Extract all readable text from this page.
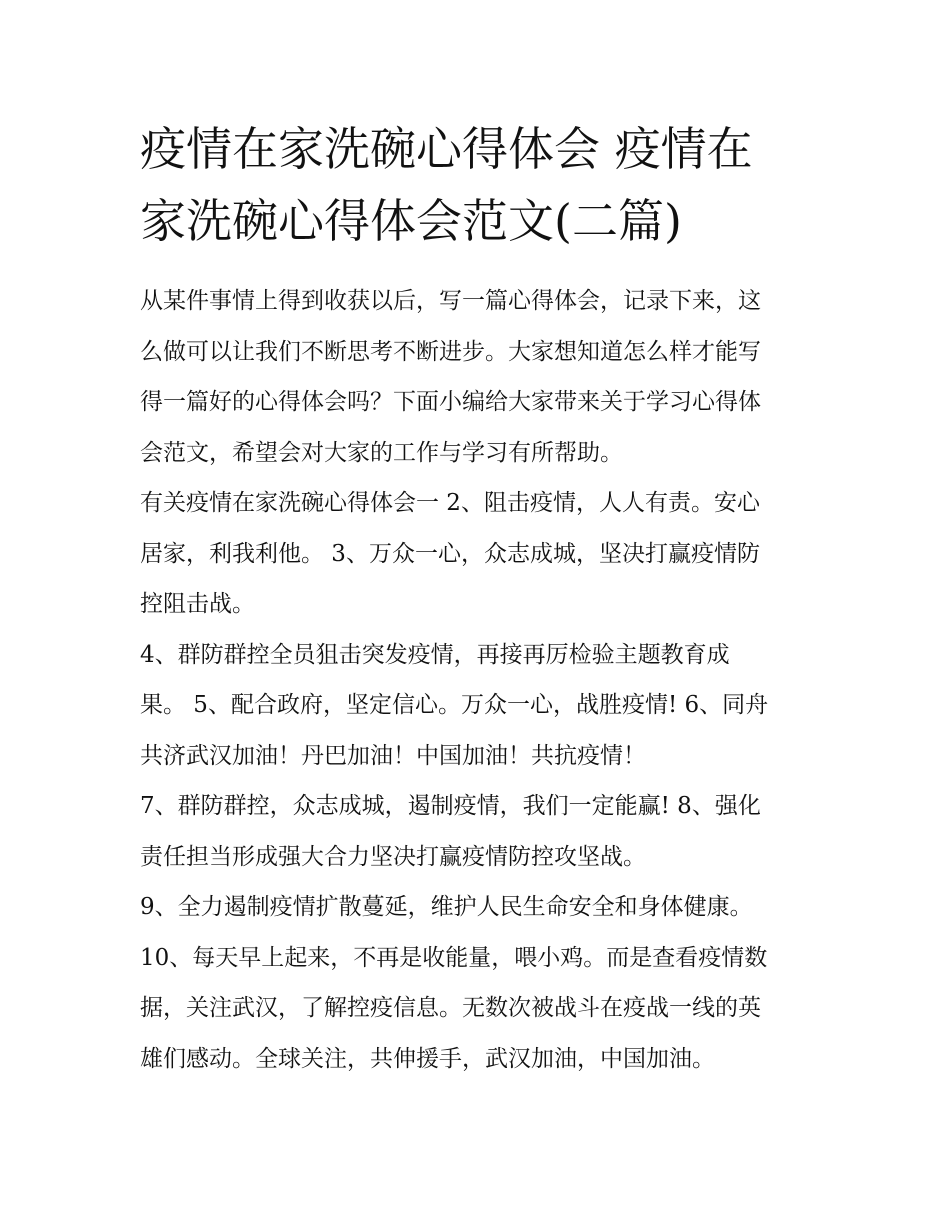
疫情在家洗碗心得体会 疫情在
家洗碗心得体会范文(二篇)

从某件事情上得到收获以后，写一篇心得体会，记录下来，这
么做可以让我们不断思考不断进步。大家想知道怎么样才能写
得一篇好的心得体会吗？下面小编给大家带来关于学习心得体
会范文，希望会对大家的工作与学习有所帮助。

有关疫情在家洗碗心得体会一 2、阻击疫情，人人有责。安心
居家，利我利他。 3、万众一心，众志成城，坚决打赢疫情防
控阻击战。

4、群防群控全员狙击突发疫情，再接再厉检验主题教育成
果。 5、配合政府，坚定信心。万众一心，战胜疫情! 6、同舟
共济武汉加油！丹巴加油！中国加油！共抗疫情！

7、群防群控，众志成城，遏制疫情，我们一定能赢! 8、强化
责任担当形成强大合力坚决打赢疫情防控攻坚战。

9、全力遏制疫情扩散蔓延，维护人民生命安全和身体健康。

10、每天早上起来，不再是收能量，喂小鸡。而是查看疫情数
据，关注武汉，了解控疫信息。无数次被战斗在疫战一线的英
雄们感动。全球关注，共伸援手，武汉加油，中国加油。
